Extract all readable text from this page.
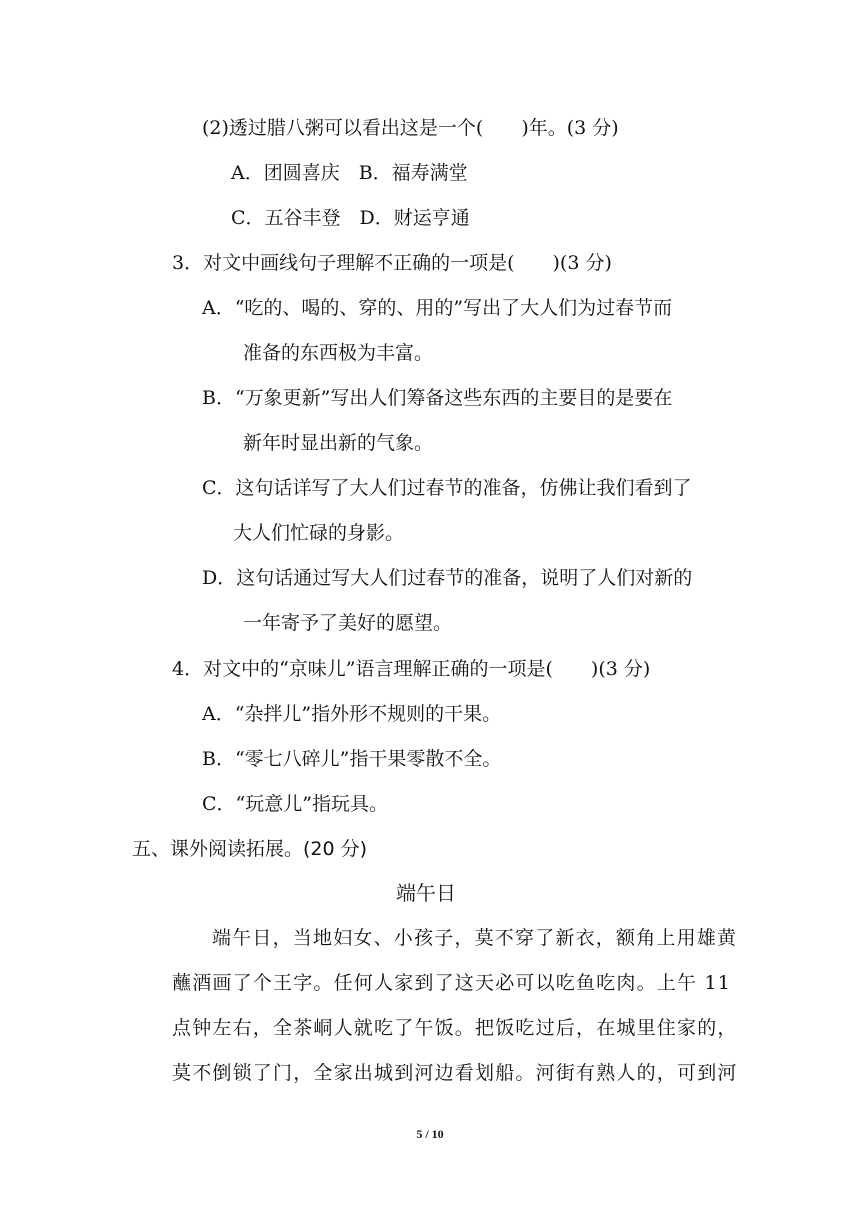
(2)透过腊八粥可以看出这是一个(　　)年。(3 分)
A．团圆喜庆　B．福寿满堂
C．五谷丰登　D．财运亨通
3．对文中画线句子理解不正确的一项是(　　)(3 分)
A．“吃的、喝的、穿的、用的”写出了大人们为过春节而
准备的东西极为丰富。
B．“万象更新”写出人们筹备这些东西的主要目的是要在
新年时显出新的气象。
C．这句话详写了大人们过春节的准备，仿佛让我们看到了
大人们忙碌的身影。
D．这句话通过写大人们过春节的准备，说明了人们对新的
一年寄予了美好的愿望。
4．对文中的“京味儿”语言理解正确的一项是(　　)(3 分)
A．“杂拌儿”指外形不规则的干果。
B．“零七八碎儿”指干果零散不全。
C．“玩意儿”指玩具。
五、课外阅读拓展。(20 分)
端午日
端午日，当地妇女、小孩子，莫不穿了新衣，额角上用雄黄
蘸酒画了个王字。任何人家到了这天必可以吃鱼吃肉。上午 11
点钟左右，全茶峒人就吃了午饭。把饭吃过后，在城里住家的，
莫不倒锁了门，全家出城到河边看划船。河街有熟人的，可到河
5 / 10
